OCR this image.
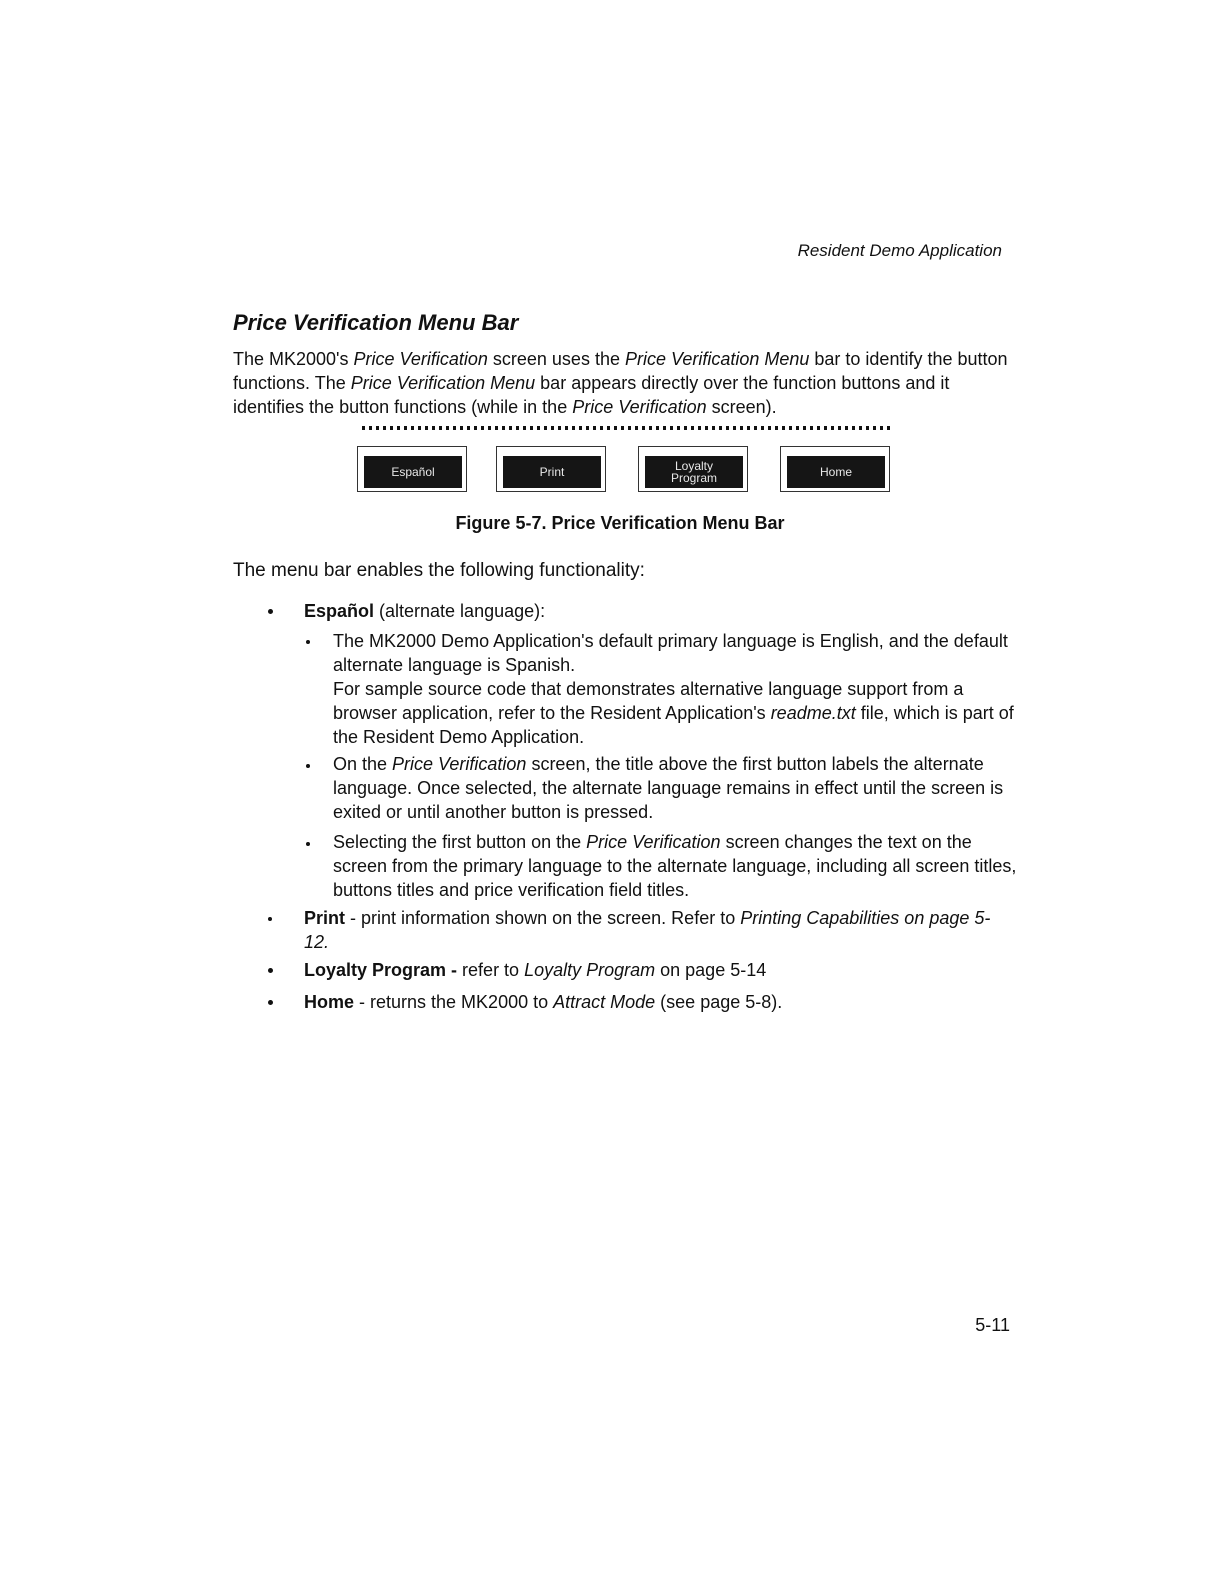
Resident Demo Application

Price Verification Menu Bar

The MK2000's Price Verification screen uses the Price Verification Menu bar to identify the button functions. The Price Verification Menu bar appears directly over the function buttons and it identifies the button functions (while in the Price Verification screen).

Español	Print	Loyalty Program	Home

Figure 5-7. Price Verification Menu Bar

The menu bar enables the following functionality:

Español (alternate language):
The MK2000 Demo Application's default primary language is English, and the default alternate language is Spanish.
For sample source code that demonstrates alternative language support from a browser application, refer to the Resident Application's readme.txt file, which is part of the Resident Demo Application.
On the Price Verification screen, the title above the first button labels the alternate language. Once selected, the alternate language remains in effect until the screen is exited or until another button is pressed.
Selecting the first button on the Price Verification screen changes the text on the screen from the primary language to the alternate language, including all screen titles, buttons titles and price verification field titles.
Print - print information shown on the screen. Refer to Printing Capabilities on page 5-12.
Loyalty Program - refer to Loyalty Program on page 5-14
Home - returns the MK2000 to Attract Mode (see page 5-8).

5-11
